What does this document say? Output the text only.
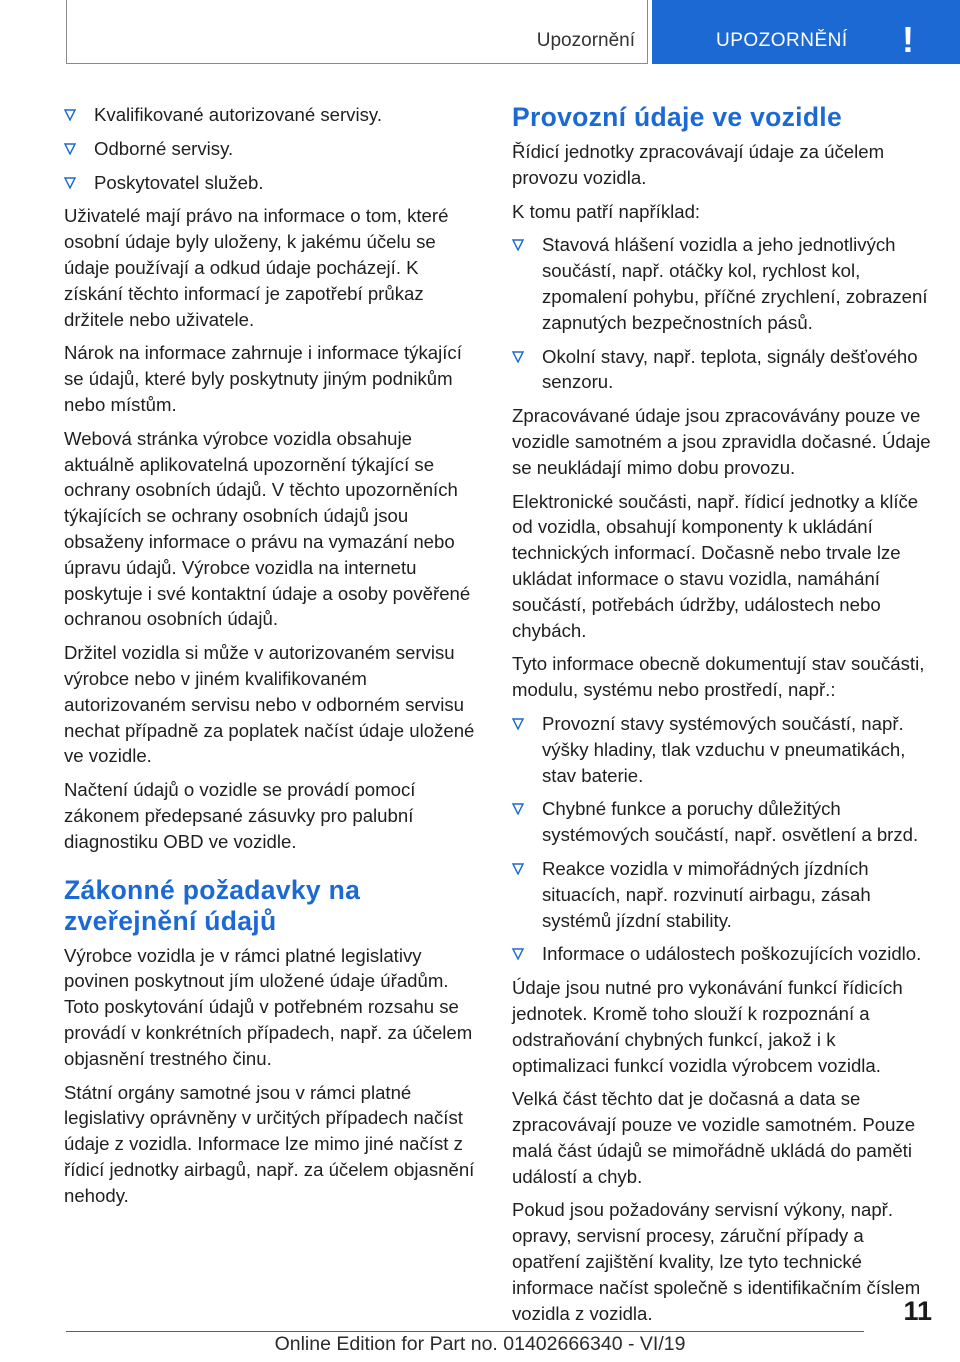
Upozornění	UPOZORNĚNÍ !
Kvalifikované autorizované servisy.
Odborné servisy.
Poskytovatel služeb.

Uživatelé mají právo na informace o tom, které osobní údaje byly uloženy, k jakému účelu se údaje používají a odkud údaje pocházejí. K získání těchto informací je zapotřebí průkaz držitele nebo uživatele.

Nárok na informace zahrnuje i informace týkající se údajů, které byly poskytnuty jiným podnikům nebo místům.

Webová stránka výrobce vozidla obsahuje aktuálně aplikovatelná upozornění týkající se ochrany osobních údajů. V těchto upozorněních týkajících se ochrany osobních údajů jsou obsaženy informace o právu na vymazání nebo úpravu údajů. Výrobce vozidla na internetu poskytuje i své kontaktní údaje a osoby pověřené ochranou osobních údajů.

Držitel vozidla si může v autorizovaném servisu výrobce nebo v jiném kvalifikovaném autorizovaném servisu nebo v odborném servisu nechat případně za poplatek načíst údaje uložené ve vozidle.

Načtení údajů o vozidle se provádí pomocí zákonem předepsané zásuvky pro palubní diagnostiku OBD ve vozidle.

Zákonné požadavky na zveřejnění údajů

Výrobce vozidla je v rámci platné legislativy povinen poskytnout jím uložené údaje úřadům. Toto poskytování údajů v potřebném rozsahu se provádí v konkrétních případech, např. za účelem objasnění trestného činu.

Státní orgány samotné jsou v rámci platné legislativy oprávněny v určitých případech načíst údaje z vozidla. Informace lze mimo jiné načíst z řídicí jednotky airbagů, např. za účelem objasnění nehody.

Provozní údaje ve vozidle

Řídicí jednotky zpracovávají údaje za účelem provozu vozidla.

K tomu patří například:

Stavová hlášení vozidla a jeho jednotlivých součástí, např. otáčky kol, rychlost kol, zpomalení pohybu, příčné zrychlení, zobrazení zapnutých bezpečnostních pásů.
Okolní stavy, např. teplota, signály dešťového senzoru.

Zpracovávané údaje jsou zpracovávány pouze ve vozidle samotném a jsou zpravidla dočasné. Údaje se neukládají mimo dobu provozu.

Elektronické součásti, např. řídicí jednotky a klíče od vozidla, obsahují komponenty k ukládání technických informací. Dočasně nebo trvale lze ukládat informace o stavu vozidla, namáhání součástí, potřebách údržby, událostech nebo chybách.

Tyto informace obecně dokumentují stav součásti, modulu, systému nebo prostředí, např.:

Provozní stavy systémových součástí, např. výšky hladiny, tlak vzduchu v pneumatikách, stav baterie.
Chybné funkce a poruchy důležitých systémových součástí, např. osvětlení a brzd.
Reakce vozidla v mimořádných jízdních situacích, např. rozvinutí airbagu, zásah systémů jízdní stability.
Informace o událostech poškozujících vozidlo.

Údaje jsou nutné pro vykonávání funkcí řídicích jednotek. Kromě toho slouží k rozpoznání a odstraňování chybných funkcí, jakož i k optimalizaci funkcí vozidla výrobcem vozidla.

Velká část těchto dat je dočasná a data se zpracovávají pouze ve vozidle samotném. Pouze malá část údajů se mimořádně ukládá do paměti událostí a chyb.

Pokud jsou požadovány servisní výkony, např. opravy, servisní procesy, záruční případy a opatření zajištění kvality, lze tyto technické informace načíst společně s identifikačním číslem vozidla z vozidla.	11
Online Edition for Part no. 01402666340 - VI/19
